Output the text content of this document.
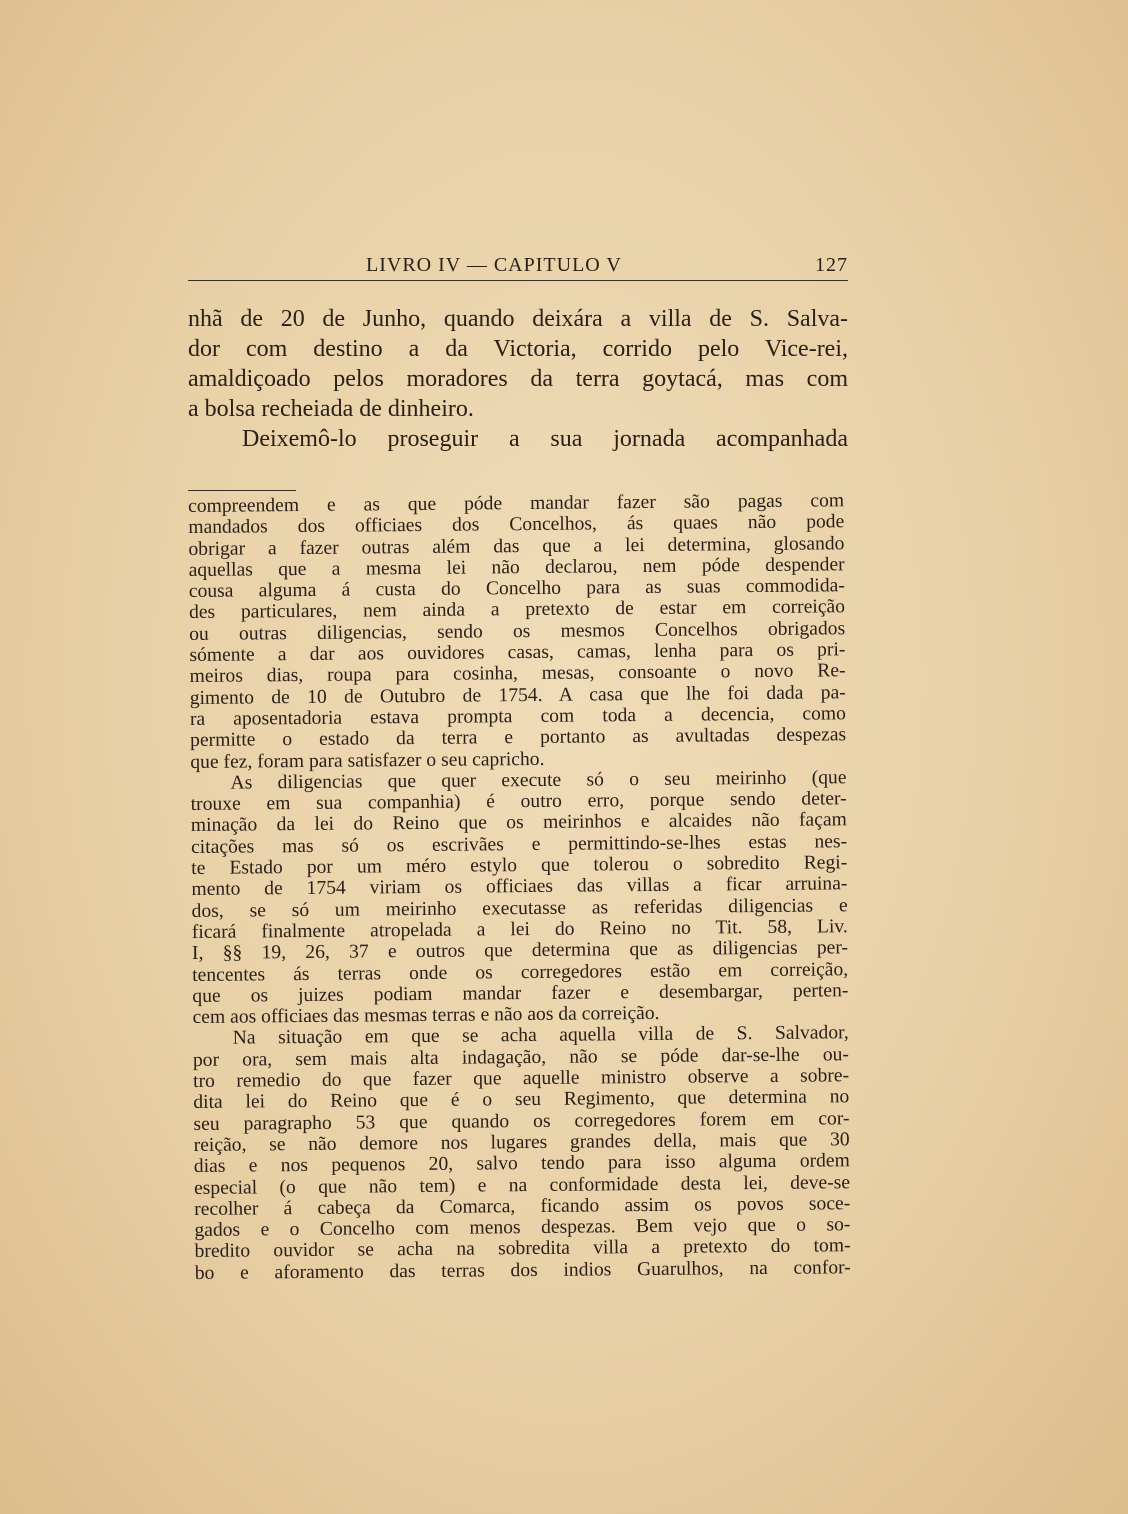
LIVRO IV — CAPITULO V	127
nhã de 20 de Junho, quando deixára a villa de S. Salva-
dor com destino a da Victoria, corrido pelo Vice-rei,
amaldiçoado pelos moradores da terra goytacá, mas com
a bolsa recheiada de dinheiro.
Deixemô-lo proseguir a sua jornada acompanhada
compreendem e as que póde mandar fazer são pagas com
mandados dos officiaes dos Concelhos, ás quaes não pode
obrigar a fazer outras além das que a lei determina, glosando
aquellas que a mesma lei não declarou, nem póde despender
cousa alguma á custa do Concelho para as suas commodida-
des particulares, nem ainda a pretexto de estar em correição
ou outras diligencias, sendo os mesmos Concelhos obrigados
sómente a dar aos ouvidores casas, camas, lenha para os pri-
meiros dias, roupa para cosinha, mesas, consoante o novo Re-
gimento de 10 de Outubro de 1754. A casa que lhe foi dada pa-
ra aposentadoria estava prompta com toda a decencia, como
permitte o estado da terra e portanto as avultadas despezas
que fez, foram para satisfazer o seu capricho.
As diligencias que quer execute só o seu meirinho (que
trouxe em sua companhia) é outro erro, porque sendo deter-
minação da lei do Reino que os meirinhos e alcaides não façam
citações mas só os escrivães e permittindo-se-lhes estas nes-
te Estado por um méro estylo que tolerou o sobredito Regi-
mento de 1754 viriam os officiaes das villas a ficar arruina-
dos, se só um meirinho executasse as referidas diligencias e
ficará finalmente atropelada a lei do Reino no Tit. 58, Liv.
I, §§ 19, 26, 37 e outros que determina que as diligencias per-
tencentes ás terras onde os corregedores estão em correição,
que os juizes podiam mandar fazer e desembargar, perten-
cem aos officiaes das mesmas terras e não aos da correição.
Na situação em que se acha aquella villa de S. Salvador,
por ora, sem mais alta indagação, não se póde dar-se-lhe ou-
tro remedio do que fazer que aquelle ministro observe a sobre-
dita lei do Reino que é o seu Regimento, que determina no
seu paragrapho 53 que quando os corregedores forem em cor-
reição, se não demore nos lugares grandes della, mais que 30
dias e nos pequenos 20, salvo tendo para isso alguma ordem
especial (o que não tem) e na conformidade desta lei, deve-se
recolher á cabeça da Comarca, ficando assim os povos soce-
gados e o Concelho com menos despezas. Bem vejo que o so-
bredito ouvidor se acha na sobredita villa a pretexto do tom-
bo e aforamento das terras dos indios Guarulhos, na confor-
